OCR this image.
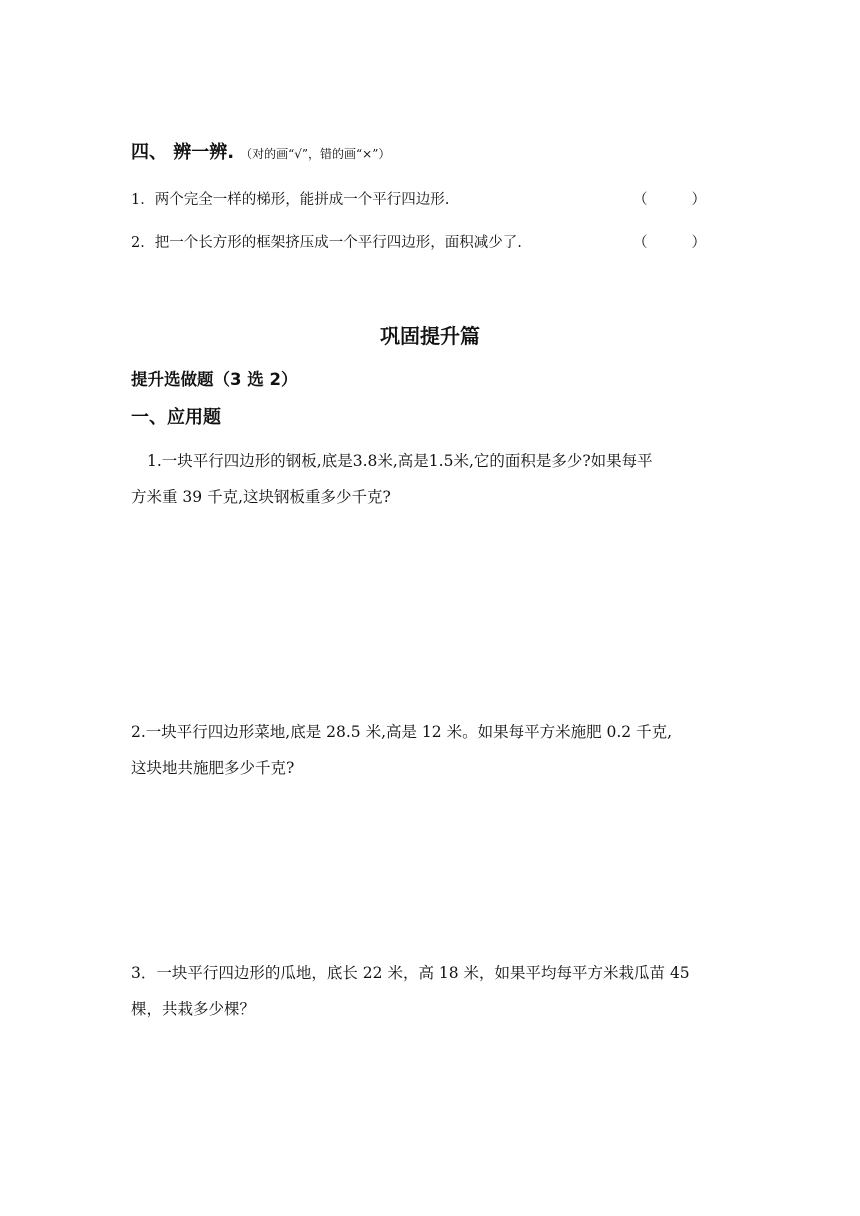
四、 辨一辨. （对的画“√”，错的画“×”）
1．两个完全一样的梯形，能拼成一个平行四边形.	（	）
2．把一个长方形的框架挤压成一个平行四边形，面积减少了.	（	）
巩固提升篇
提升选做题（3 选 2）
一、应用题

1.一块平行四边形的钢板,底是3.8米,高是1.5米,它的面积是多少?如果每平

方米重 39 千克,这块钢板重多少千克?

2.一块平行四边形菜地,底是 28.5 米,高是 12 米。如果每平方米施肥 0.2 千克,

这块地共施肥多少千克?

3．一块平行四边形的瓜地，底长 22 米，高 18 米，如果平均每平方米栽瓜苗 45

棵，共栽多少棵？
